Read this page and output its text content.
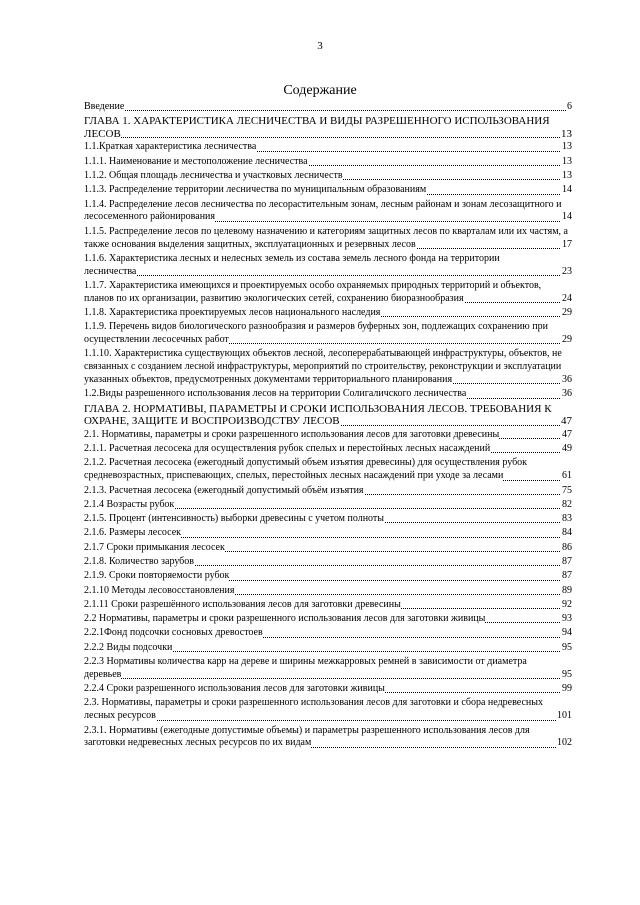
3
Содержание
Введение	6
ГЛАВА 1. ХАРАКТЕРИСТИКА ЛЕСНИЧЕСТВА И ВИДЫ РАЗРЕШЕННОГО ИСПОЛЬЗОВАНИЯ ЛЕСОВ	13
1.1.Краткая характеристика лесничества	13
1.1.1. Наименование и местоположение лесничества	13
1.1.2. Общая площадь лесничества и участковых лесничеств	13
1.1.3. Распределение территории лесничества по муниципальным образованиям	14
1.1.4. Распределение лесов лесничества по лесорастительным зонам, лесным районам и зонам лесозащитного и лесосеменного районирования	14
1.1.5. Распределение лесов по целевому назначению и категориям защитных лесов по кварталам или их частям, а также основания выделения защитных, эксплуатационных и резервных лесов	17
1.1.6. Характеристика лесных и нелесных земель из состава земель лесного фонда на территории лесничества	23
1.1.7. Характеристика имеющихся и проектируемых особо охраняемых природных территорий и объектов, планов по их организации, развитию экологических сетей, сохранению биоразнообразия	24
1.1.8. Характеристика проектируемых лесов национального наследия	29
1.1.9. Перечень видов биологического разнообразия и размеров буферных зон, подлежащих сохранению при осуществлении лесосечных работ	29
1.1.10. Характеристика существующих объектов лесной, лесоперерабатывающей инфраструктуры, объектов, не связанных с созданием лесной инфраструктуры, мероприятий по строительству, реконструкции и эксплуатации указанных объектов, предусмотренных документами территориального планирования	36
1.2.Виды разрешенного использования лесов на территории Солигаличского лесничества	36
ГЛАВА 2. НОРМАТИВЫ, ПАРАМЕТРЫ И СРОКИ ИСПОЛЬЗОВАНИЯ ЛЕСОВ. ТРЕБОВАНИЯ К ОХРАНЕ, ЗАЩИТЕ И ВОСПРОИЗВОДСТВУ ЛЕСОВ	47
2.1. Нормативы, параметры и сроки разрешенного использования лесов для заготовки древесины	47
2.1.1. Расчетная лесосека для осуществления рубок спелых и перестойных лесных насаждений	49
2.1.2. Расчетная лесосека (ежегодный допустимый объем изъятия древесины) для осуществления рубок средневозрастных, приспевающих, спелых, перестойных лесных насаждений при уходе за лесами	61
2.1.3. Расчетная лесосека (ежегодный допустимый объём изъятия	75
2.1.4 Возрасты рубок	82
2.1.5. Процент (интенсивность) выборки древесины с учетом полноты	83
2.1.6. Размеры лесосек	84
2.1.7 Сроки примыкания лесосек	86
2.1.8. Количество зарубов	87
2.1.9. Сроки повторяемости рубок	87
2.1.10 Методы лесовосстановления	89
2.1.11 Сроки разрешённого использования лесов для заготовки древесины	92
2.2 Нормативы, параметры и сроки разрешенного использования лесов для заготовки живицы	93
2.2.1Фонд подсочки сосновых древостоев	94
2.2.2 Виды подсочки	95
2.2.3 Нормативы количества карр на дереве и ширины межкарровых ремней в зависимости от диаметра деревьев	95
2.2.4 Сроки разрешенного использования лесов для заготовки живицы	99
2.3. Нормативы, параметры и сроки разрешенного использования лесов для заготовки и сбора недревесных лесных ресурсов	101
2.3.1. Нормативы (ежегодные допустимые объемы) и параметры разрешенного использования лесов для заготовки недревесных лесных ресурсов по их видам	102
